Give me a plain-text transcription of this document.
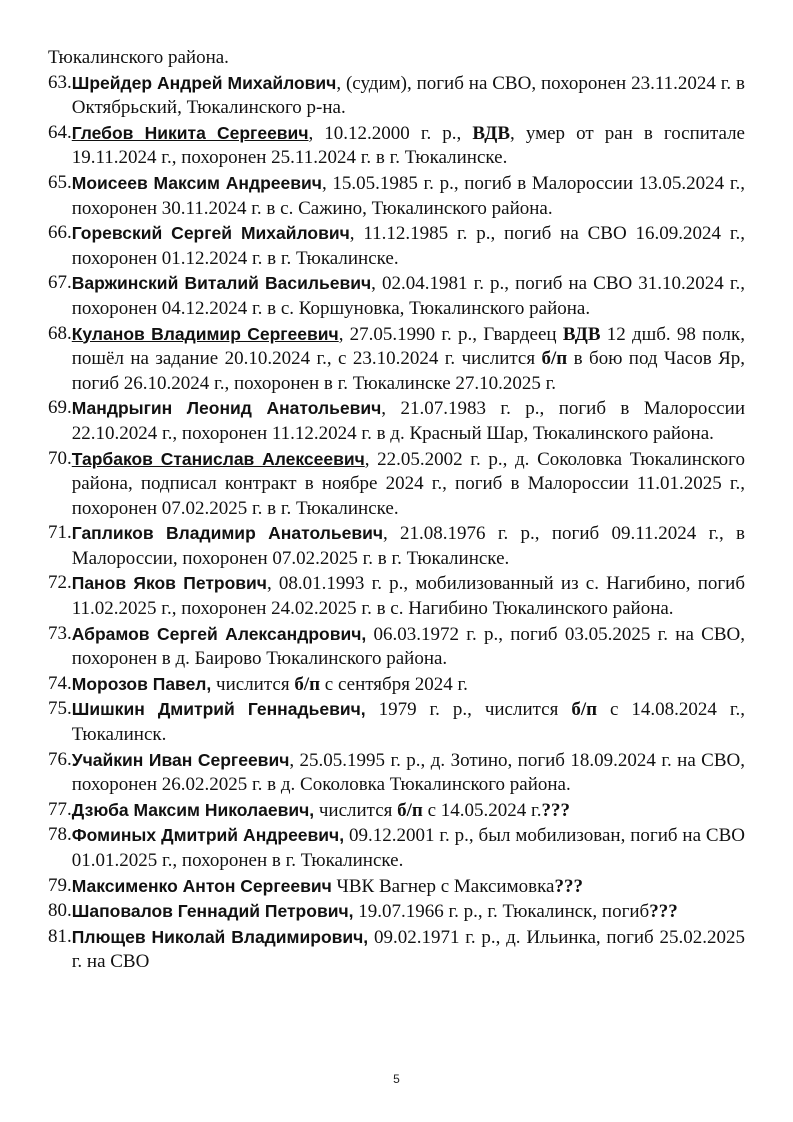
Тюкалинского района.

63. Шрейдер Андрей Михайлович, (судим), погиб на СВО, похоронен 23.11.2024 г. в Октябрьский, Тюкалинского р-на.

64. Глебов Никита Сергеевич, 10.12.2000 г. р., ВДВ, умер от ран в госпитале 19.11.2024 г., похоронен 25.11.2024 г. в г. Тюкалинске.

65. Моисеев Максим Андреевич, 15.05.1985 г. р., погиб в Малороссии 13.05.2024 г., похоронен 30.11.2024 г. в с. Сажино, Тюкалинского района.

66. Горевский Сергей Михайлович, 11.12.1985 г. р., погиб на СВО 16.09.2024 г., похоронен 01.12.2024 г. в г. Тюкалинске.

67. Варжинский Виталий Васильевич, 02.04.1981 г. р., погиб на СВО 31.10.2024 г., похоронен 04.12.2024 г. в с. Коршуновка, Тюкалинского района.

68. Куланов Владимир Сергеевич, 27.05.1990 г. р., Гвардеец ВДВ 12 дшб. 98 полк, пошёл на задание 20.10.2024 г., с 23.10.2024 г. числится б/п в бою под Часов Яр, погиб 26.10.2024 г., похоронен в г. Тюкалинске 27.10.2025 г.

69. Мандрыгин Леонид Анатольевич, 21.07.1983 г. р., погиб в Малороссии 22.10.2024 г., похоронен 11.12.2024 г. в д. Красный Шар, Тюкалинского района.

70. Тарбаков Станислав Алексеевич, 22.05.2002 г. р., д. Соколовка Тюкалинского района, подписал контракт в ноябре 2024 г., погиб в Малороссии 11.01.2025 г., похоронен 07.02.2025 г. в г. Тюкалинске.

71. Гапликов Владимир Анатольевич, 21.08.1976 г. р., погиб 09.11.2024 г., в Малороссии, похоронен 07.02.2025 г. в г. Тюкалинске.

72. Панов Яков Петрович, 08.01.1993 г. р., мобилизованный из с. Нагибино, погиб 11.02.2025 г., похоронен 24.02.2025 г. в с. Нагибино Тюкалинского района.

73. Абрамов Сергей Александрович, 06.03.1972 г. р., погиб 03.05.2025 г. на СВО, похоронен в д. Баирово Тюкалинского района.

74. Морозов Павел, числится б/п с сентября 2024 г.

75. Шишкин Дмитрий Геннадьевич, 1979 г. р., числится б/п с 14.08.2024 г., Тюкалинск.

76. Учайкин Иван Сергеевич, 25.05.1995 г. р., д. Зотино, погиб 18.09.2024 г. на СВО, похоронен 26.02.2025 г. в д. Соколовка Тюкалинского района.

77. Дзюба Максим Николаевич, числится б/п с 14.05.2024 г.???

78. Фоминых Дмитрий Андреевич, 09.12.2001 г. р., был мобилизован, погиб на СВО 01.01.2025 г., похоронен в г. Тюкалинске.

79. Максименко Антон Сергеевич ЧВК Вагнер с Максимовка???

80. Шаповалов Геннадий Петрович, 19.07.1966 г. р., г. Тюкалинск, погиб???

81. Плющев Николай Владимирович, 09.02.1971 г. р., д. Ильинка, погиб 25.02.2025 г. на СВО

5
